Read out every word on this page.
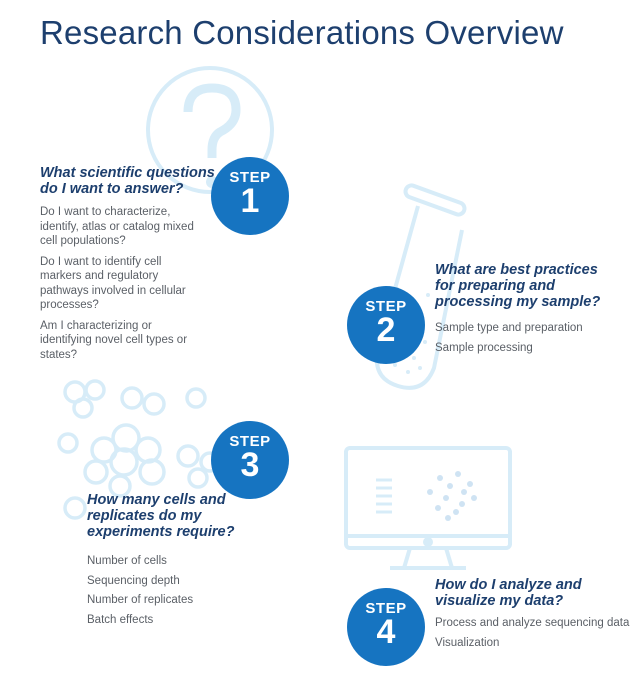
Research Considerations Overview
STEP
1
What scientific questions do I want to answer?

Do I want to characterize, identify, atlas or catalog mixed cell populations?

Do I want to identify cell markers and regulatory pathways involved in cellular processes?

Am I characterizing or identifying novel cell types or states?

STEP
2
What are best practices for preparing and processing my sample?

Sample type and preparation

Sample processing

STEP
3
How many cells and replicates do my experiments require?

Number of cells

Sequencing depth

Number of replicates

Batch effects

STEP
4
How do I analyze and visualize my data?

Process and analyze sequencing data

Visualization
